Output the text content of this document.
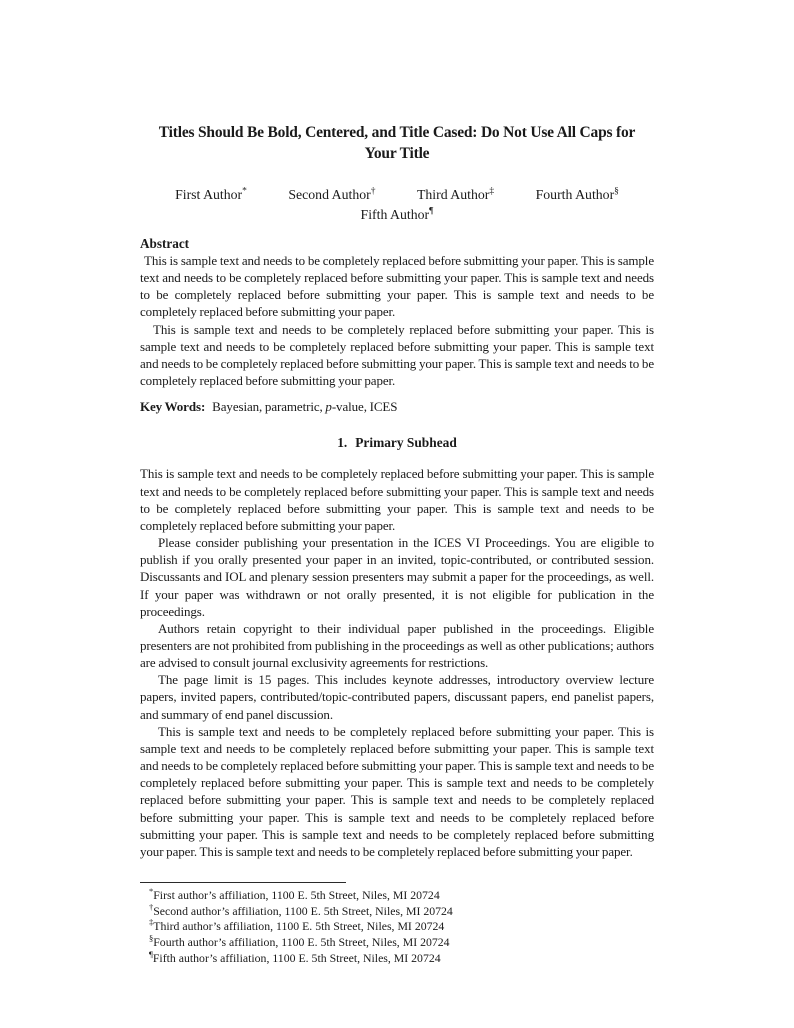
Titles Should Be Bold, Centered, and Title Cased: Do Not Use All Caps for
Your Title
First Author*	Second Author†	Third Author‡	Fourth Author§
Fifth Author¶
Abstract

This is sample text and needs to be completely replaced before submitting your paper. This is sample text and needs to be completely replaced before submitting your paper. This is sample text and needs to be completely replaced before submitting your paper. This is sample text and needs to be completely replaced before submitting your paper.

This is sample text and needs to be completely replaced before submitting your paper. This is sample text and needs to be completely replaced before submitting your paper. This is sample text and needs to be completely replaced before submitting your paper. This is sample text and needs to be completely replaced before submitting your paper.

Key Words: Bayesian, parametric, p-value, ICES

1. Primary Subhead

This is sample text and needs to be completely replaced before submitting your paper. This is sample text and needs to be completely replaced before submitting your paper. This is sample text and needs to be completely replaced before submitting your paper. This is sample text and needs to be completely replaced before submitting your paper.

Please consider publishing your presentation in the ICES VI Proceedings. You are eligible to publish if you orally presented your paper in an invited, topic-contributed, or contributed session. Discussants and IOL and plenary session presenters may submit a paper for the proceedings, as well. If your paper was withdrawn or not orally presented, it is not eligible for publication in the proceedings.

Authors retain copyright to their individual paper published in the proceedings. Eligible presenters are not prohibited from publishing in the proceedings as well as other publications; authors are advised to consult journal exclusivity agreements for restrictions.

The page limit is 15 pages. This includes keynote addresses, introductory overview lecture papers, invited papers, contributed/topic-contributed papers, discussant papers, end panelist papers, and summary of end panel discussion.

This is sample text and needs to be completely replaced before submitting your paper. This is sample text and needs to be completely replaced before submitting your paper. This is sample text and needs to be completely replaced before submitting your paper. This is sample text and needs to be completely replaced before submitting your paper. This is sample text and needs to be completely replaced before submitting your paper. This is sample text and needs to be completely replaced before submitting your paper. This is sample text and needs to be completely replaced before submitting your paper. This is sample text and needs to be completely replaced before submitting your paper. This is sample text and needs to be completely replaced before submitting your paper.

*First author’s affiliation, 1100 E. 5th Street, Niles, MI 20724
†Second author’s affiliation, 1100 E. 5th Street, Niles, MI 20724
‡Third author’s affiliation, 1100 E. 5th Street, Niles, MI 20724
§Fourth author’s affiliation, 1100 E. 5th Street, Niles, MI 20724
¶Fifth author’s affiliation, 1100 E. 5th Street, Niles, MI 20724
